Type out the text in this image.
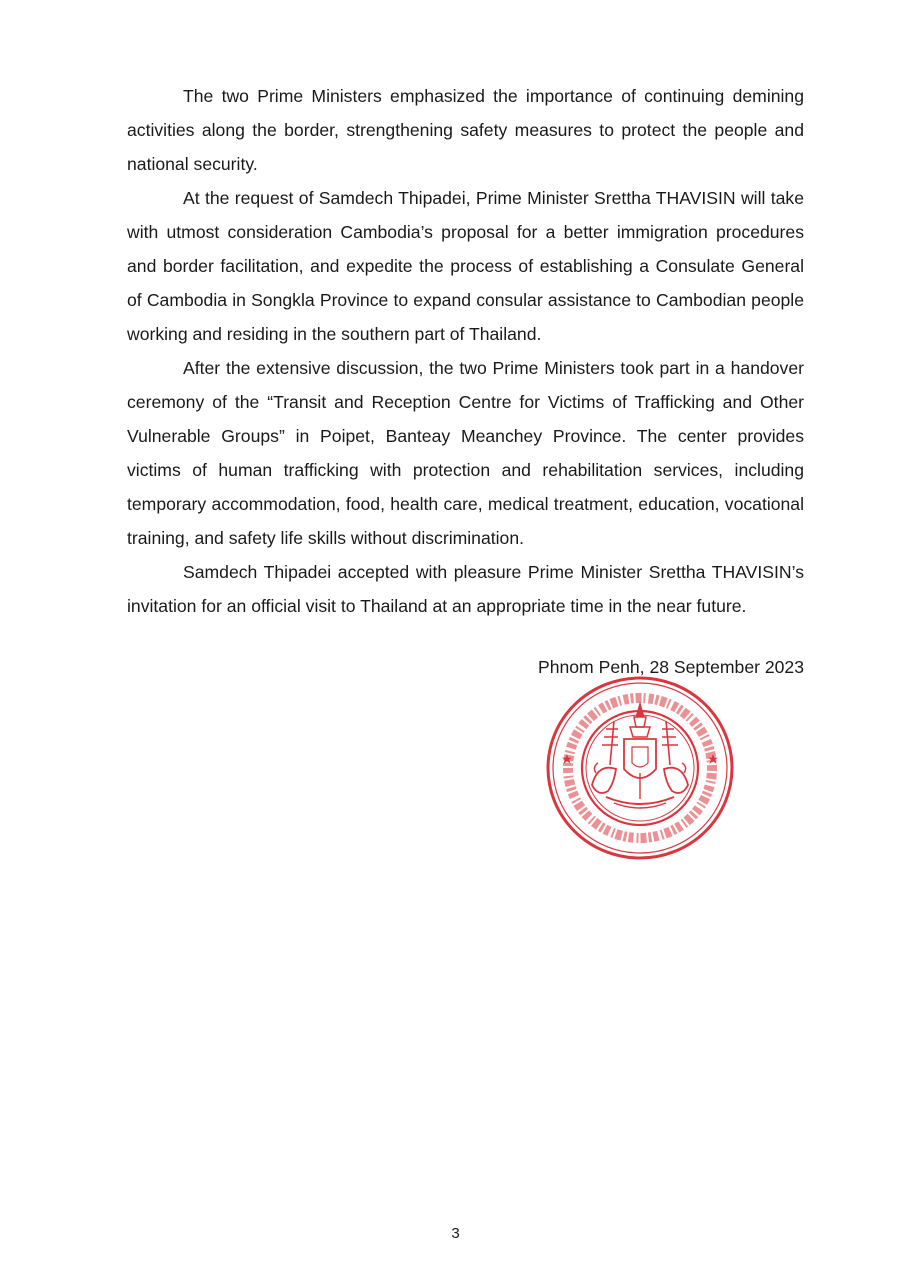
The two Prime Ministers emphasized the importance of continuing demining activities along the border, strengthening safety measures to protect the people and national security.

At the request of Samdech Thipadei, Prime Minister Srettha THAVISIN will take with utmost consideration Cambodia’s proposal for a better immigration procedures and border facilitation, and expedite the process of establishing a Consulate General of Cambodia in Songkla Province to expand consular assistance to Cambodian people working and residing in the southern part of Thailand.

After the extensive discussion, the two Prime Ministers took part in a handover ceremony of the “Transit and Reception Centre for Victims of Trafficking and Other Vulnerable Groups” in Poipet, Banteay Meanchey Province. The center provides victims of human trafficking with protection and rehabilitation services, including temporary accommodation, food, health care, medical treatment, education, vocational training, and safety life skills without discrimination.

Samdech Thipadei accepted with pleasure Prime Minister Srettha THAVISIN’s invitation for an official visit to Thailand at an appropriate time in the near future.

Phnom Penh, 28 September 2023
3
